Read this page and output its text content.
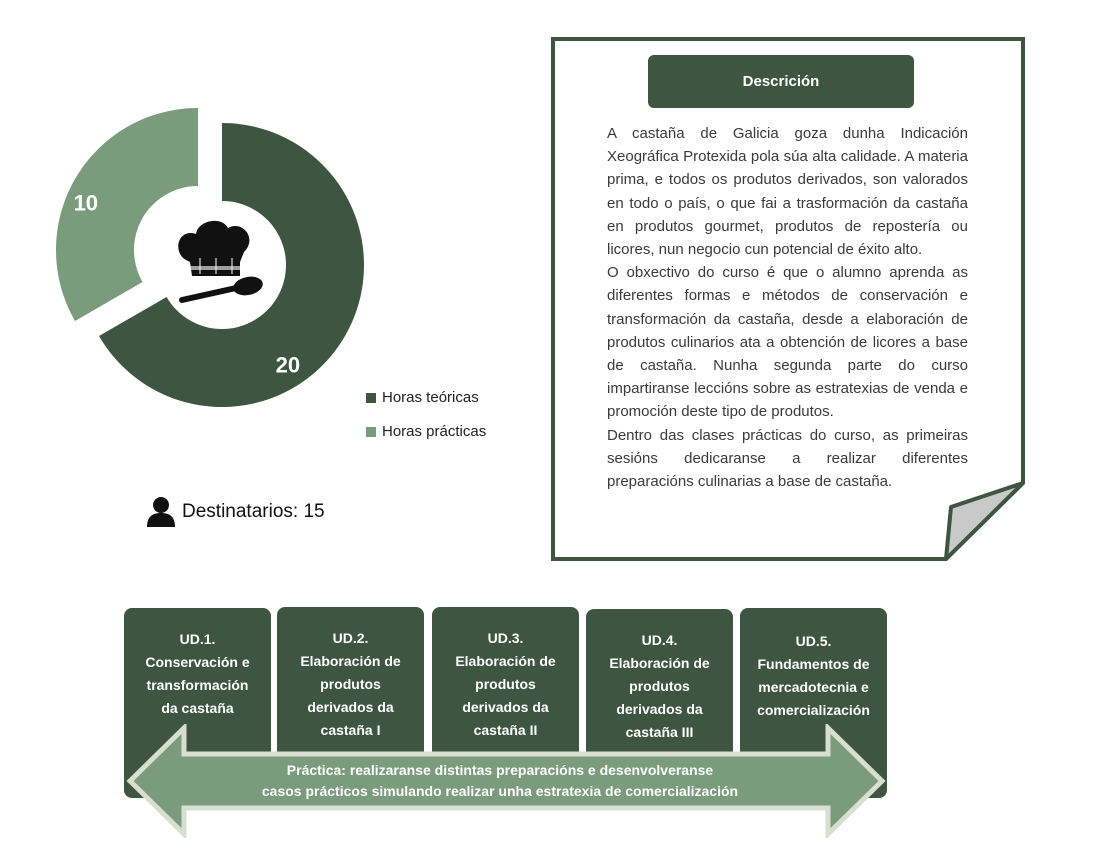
20
10
Horas teóricas
Horas prácticas
Destinatarios: 15
Descrición

A castaña de Galicia goza dunha Indicación Xeográfica Protexida pola súa alta calidade. A materia prima, e todos os produtos derivados, son valorados en todo o país, o que fai a trasformación da castaña en produtos gourmet, produtos de repostería ou licores, nun negocio cun potencial de éxito alto.

O obxectivo do curso é que o alumno aprenda as diferentes formas e métodos de conservación e transformación da castaña, desde a elaboración de produtos culinarios ata a obtención de licores a base de castaña. Nunha segunda parte do curso impartiranse leccións sobre as estratexias de venda e promoción deste tipo de produtos.

Dentro das clases prácticas do curso, as primeiras sesións dedicaranse a realizar diferentes preparacións culinarias a base de castaña.

UD.1.
Conservación e transformación da castaña
UD.2.
Elaboración de produtos derivados da castaña I
UD.3.
Elaboración de produtos derivados da castaña II
UD.4.
Elaboración de produtos derivados da castaña III
UD.5.
Fundamentos de mercadotecnia e comercialización
Práctica: realizaranse distintas preparacións e desenvolveranse
casos prácticos simulando realizar unha estratexia de comercialización
